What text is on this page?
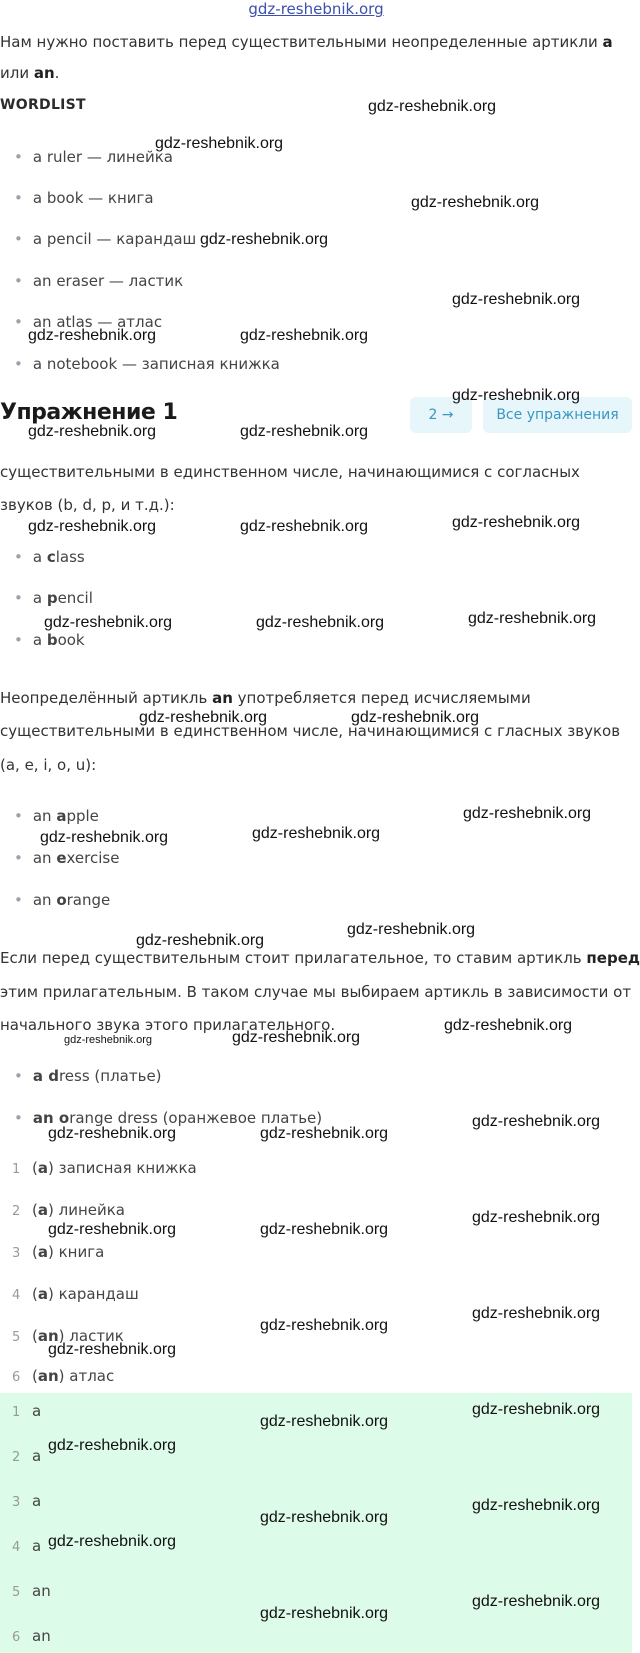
gdz-reshebnik.org
Нам нужно поставить перед существительными неопределенные артикли a
или an.
WORDLIST
• a ruler — линейка
• a book — книга
• a pencil — карандаш
• an eraser — ластик
• an atlas — атлас
• a notebook — записная книжка
Упражнение 1	2 →	Все упражнения
существительными в единственном числе, начинающимися с согласных
звуков (b, d, p, и т.д.):
• a class
• a pencil
• a book
Неопределённый артикль an употребляется перед исчисляемыми
существительными в единственном числе, начинающимися с гласных звуков
(a, e, i, o, u):
• an apple
• an exercise
• an orange
Если перед существительным стоит прилагательное, то ставим артикль перед
этим прилагательным. В таком случае мы выбираем артикль в зависимости от
начального звука этого прилагательного.
• a dress (платье)
• an orange dress (оранжевое платье)
1 (a) записная книжка
2 (a) линейка
3 (a) книга
4 (a) карандаш
5 (an) ластик
6 (an) атлас
1 a
2 a
3 a
4 a
5 an
6 an
gdz-reshebnik.org
gdz-reshebnik.org
gdz-reshebnik.org
gdz-reshebnik.org
gdz-reshebnik.org
gdz-reshebnik.org	gdz-reshebnik.org
gdz-reshebnik.org
gdz-reshebnik.org	gdz-reshebnik.org
gdz-reshebnik.org
gdz-reshebnik.org	gdz-reshebnik.org
gdz-reshebnik.org	gdz-reshebnik.org	gdz-reshebnik.org
gdz-reshebnik.org	gdz-reshebnik.org
gdz-reshebnik.org
gdz-reshebnik.org	gdz-reshebnik.org
gdz-reshebnik.org
gdz-reshebnik.org
gdz-reshebnik.org
gdz-reshebnik.org	gdz-reshebnik.org
gdz-reshebnik.org
gdz-reshebnik.org	gdz-reshebnik.org
gdz-reshebnik.org
gdz-reshebnik.org	gdz-reshebnik.org
gdz-reshebnik.org
gdz-reshebnik.org
gdz-reshebnik.org
gdz-reshebnik.org
gdz-reshebnik.org
gdz-reshebnik.org
gdz-reshebnik.org
gdz-reshebnik.org
gdz-reshebnik.org
gdz-reshebnik.org
gdz-reshebnik.org
